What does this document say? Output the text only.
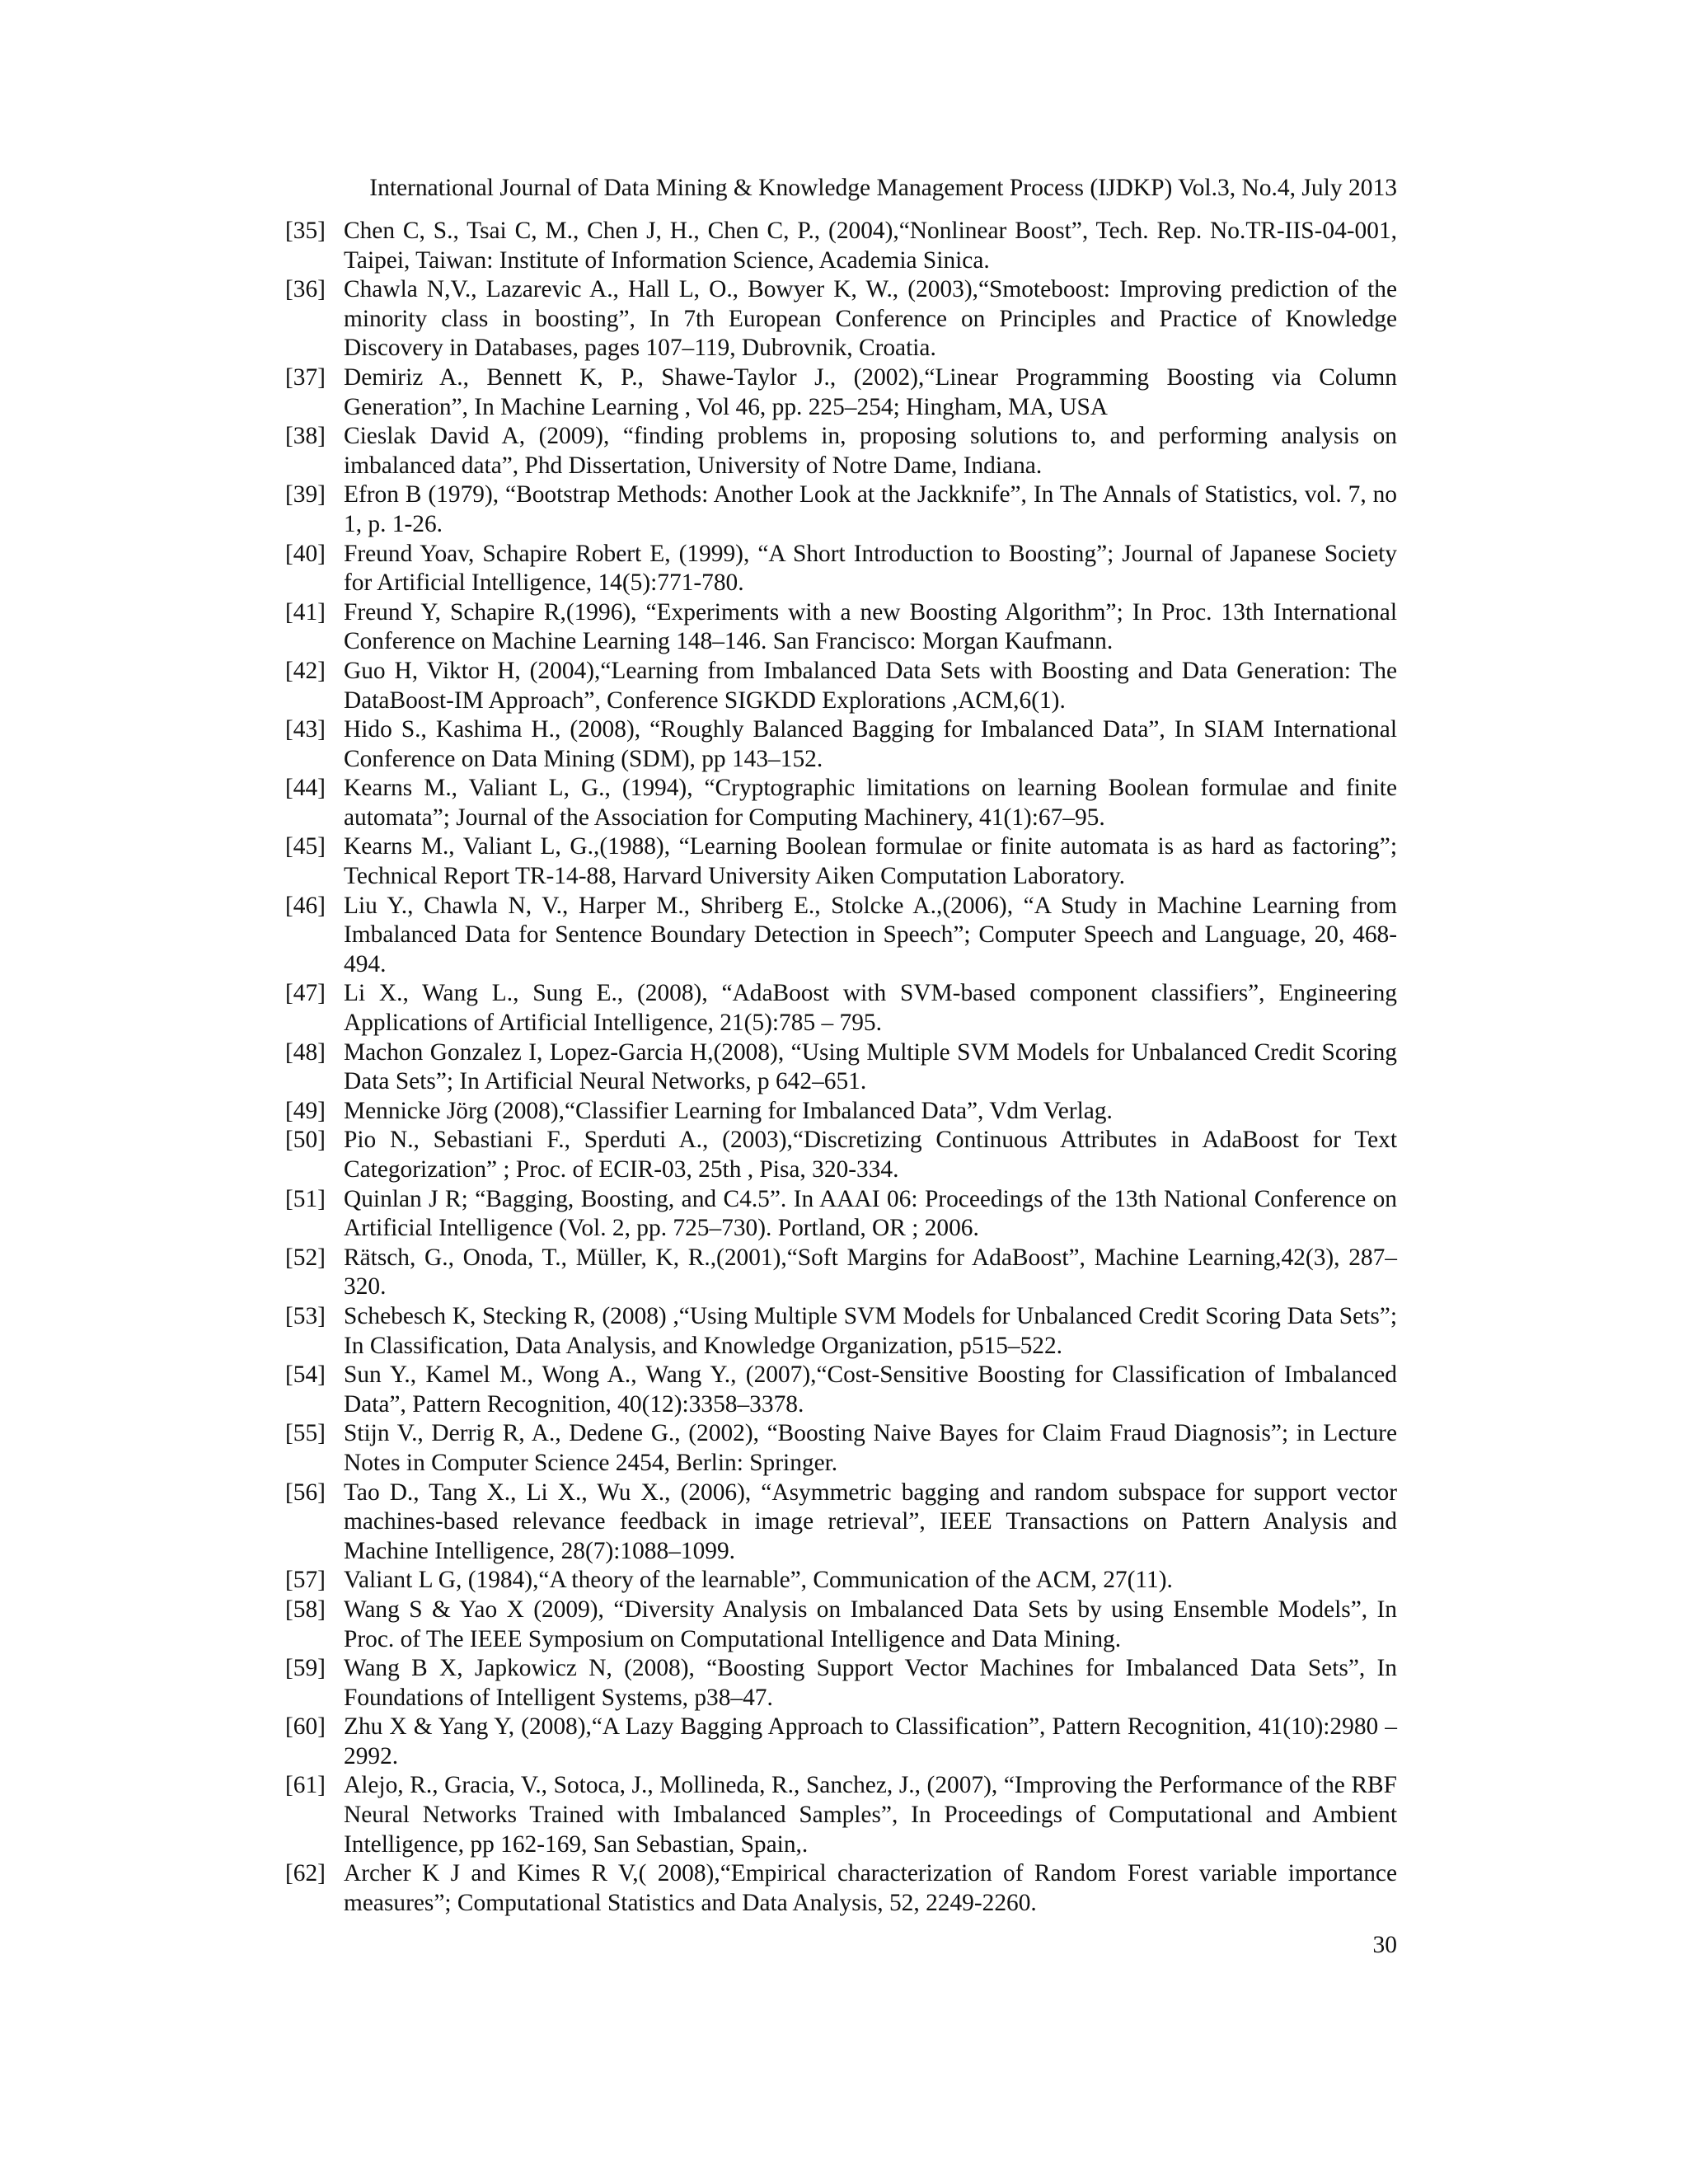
International Journal of Data Mining & Knowledge Management Process (IJDKP) Vol.3, No.4, July 2013
[35] Chen C, S., Tsai C, M., Chen J, H., Chen C, P., (2004),“Nonlinear Boost”, Tech. Rep. No.TR-IIS-04-001, Taipei, Taiwan: Institute of Information Science, Academia Sinica.
[36] Chawla N,V., Lazarevic A., Hall L, O., Bowyer K, W., (2003),“Smoteboost: Improving prediction of the minority class in boosting”, In 7th European Conference on Principles and Practice of Knowledge Discovery in Databases, pages 107–119, Dubrovnik, Croatia.
[37] Demiriz A., Bennett K, P., Shawe-Taylor J., (2002),“Linear Programming Boosting via Column Generation”, In Machine Learning , Vol 46, pp. 225–254; Hingham, MA, USA
[38] Cieslak David A, (2009), “finding problems in, proposing solutions to, and performing analysis on imbalanced data”, Phd Dissertation, University of Notre Dame, Indiana.
[39] Efron B (1979), “Bootstrap Methods: Another Look at the Jackknife”, In The Annals of Statistics, vol. 7, no 1, p. 1-26.
[40] Freund Yoav, Schapire Robert E, (1999), “A Short Introduction to Boosting”; Journal of Japanese Society for Artificial Intelligence, 14(5):771-780.
[41] Freund Y, Schapire R,(1996), “Experiments with a new Boosting Algorithm”; In Proc. 13th International Conference on Machine Learning 148–146. San Francisco: Morgan Kaufmann.
[42] Guo H, Viktor H, (2004),“Learning from Imbalanced Data Sets with Boosting and Data Generation: The DataBoost-IM Approach”, Conference SIGKDD Explorations ,ACM,6(1).
[43] Hido S., Kashima H., (2008), “Roughly Balanced Bagging for Imbalanced Data”, In SIAM International Conference on Data Mining (SDM), pp 143–152.
[44] Kearns M., Valiant L, G., (1994), “Cryptographic limitations on learning Boolean formulae and finite automata”; Journal of the Association for Computing Machinery, 41(1):67–95.
[45] Kearns M., Valiant L, G.,(1988), “Learning Boolean formulae or finite automata is as hard as factoring”; Technical Report TR-14-88, Harvard University Aiken Computation Laboratory.
[46] Liu Y., Chawla N, V., Harper M., Shriberg E., Stolcke A.,(2006), “A Study in Machine Learning from Imbalanced Data for Sentence Boundary Detection in Speech”; Computer Speech and Language, 20, 468-494.
[47] Li X., Wang L., Sung E., (2008), “AdaBoost with SVM-based component classifiers”, Engineering Applications of Artificial Intelligence, 21(5):785 – 795.
[48] Machon Gonzalez I, Lopez-Garcia H,(2008), “Using Multiple SVM Models for Unbalanced Credit Scoring Data Sets”; In Artificial Neural Networks, p 642–651.
[49] Mennicke Jörg (2008),“Classifier Learning for Imbalanced Data”, Vdm Verlag.
[50] Pio N., Sebastiani F., Sperduti A., (2003),“Discretizing Continuous Attributes in AdaBoost for Text Categorization” ; Proc. of ECIR-03, 25th , Pisa, 320-334.
[51] Quinlan J R; “Bagging, Boosting, and C4.5”. In AAAI 06: Proceedings of the 13th National Conference on Artificial Intelligence (Vol. 2, pp. 725–730). Portland, OR ; 2006.
[52] Rätsch, G., Onoda, T., Müller, K, R.,(2001),“Soft Margins for AdaBoost”, Machine Learning,42(3), 287–320.
[53] Schebesch K, Stecking R, (2008) ,“Using Multiple SVM Models for Unbalanced Credit Scoring Data Sets”; In Classification, Data Analysis, and Knowledge Organization, p515–522.
[54] Sun Y., Kamel M., Wong A., Wang Y., (2007),“Cost-Sensitive Boosting for Classification of Imbalanced Data”, Pattern Recognition, 40(12):3358–3378.
[55] Stijn V., Derrig R, A., Dedene G., (2002), “Boosting Naive Bayes for Claim Fraud Diagnosis”; in Lecture Notes in Computer Science 2454, Berlin: Springer.
[56] Tao D., Tang X., Li X., Wu X., (2006), “Asymmetric bagging and random subspace for support vector machines-based relevance feedback in image retrieval”, IEEE Transactions on Pattern Analysis and Machine Intelligence, 28(7):1088–1099.
[57] Valiant L G, (1984),“A theory of the learnable”, Communication of the ACM, 27(11).
[58] Wang S & Yao X (2009), “Diversity Analysis on Imbalanced Data Sets by using Ensemble Models”, In Proc. of The IEEE Symposium on Computational Intelligence and Data Mining.
[59] Wang B X, Japkowicz N, (2008), “Boosting Support Vector Machines for Imbalanced Data Sets”, In Foundations of Intelligent Systems, p38–47.
[60] Zhu X & Yang Y, (2008),“A Lazy Bagging Approach to Classification”, Pattern Recognition, 41(10):2980 – 2992.
[61] Alejo, R., Gracia, V., Sotoca, J., Mollineda, R., Sanchez, J., (2007), “Improving the Performance of the RBF Neural Networks Trained with Imbalanced Samples”, In Proceedings of Computational and Ambient Intelligence, pp 162-169, San Sebastian, Spain,.
[62] Archer K J and Kimes R V,( 2008),“Empirical characterization of Random Forest variable importance measures”; Computational Statistics and Data Analysis, 52, 2249-2260.
30
